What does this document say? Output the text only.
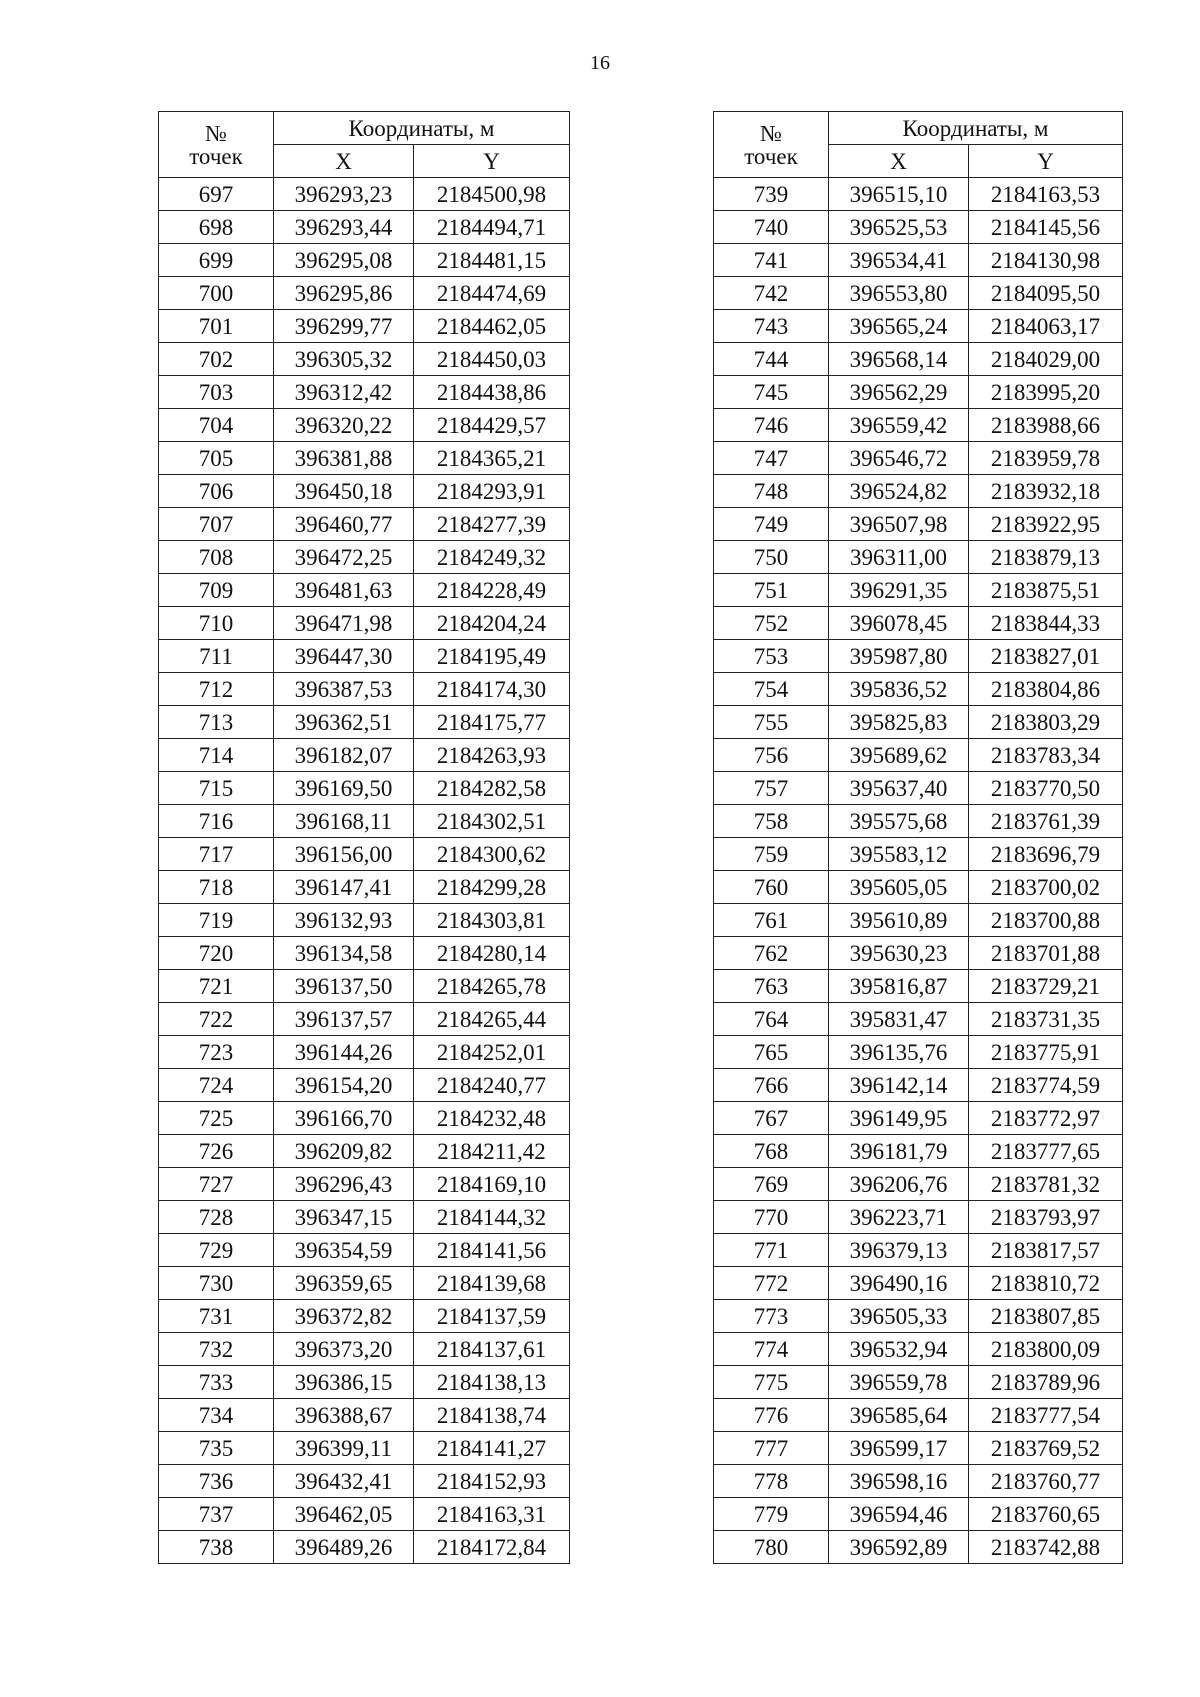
16
№
точек	Координаты, м	
	X	Y
697	396293,23	2184500,98
698	396293,44	2184494,71
699	396295,08	2184481,15
700	396295,86	2184474,69
701	396299,77	2184462,05
702	396305,32	2184450,03
703	396312,42	2184438,86
704	396320,22	2184429,57
705	396381,88	2184365,21
706	396450,18	2184293,91
707	396460,77	2184277,39
708	396472,25	2184249,32
709	396481,63	2184228,49
710	396471,98	2184204,24
711	396447,30	2184195,49
712	396387,53	2184174,30
713	396362,51	2184175,77
714	396182,07	2184263,93
715	396169,50	2184282,58
716	396168,11	2184302,51
717	396156,00	2184300,62
718	396147,41	2184299,28
719	396132,93	2184303,81
720	396134,58	2184280,14
721	396137,50	2184265,78
722	396137,57	2184265,44
723	396144,26	2184252,01
724	396154,20	2184240,77
725	396166,70	2184232,48
726	396209,82	2184211,42
727	396296,43	2184169,10
728	396347,15	2184144,32
729	396354,59	2184141,56
730	396359,65	2184139,68
731	396372,82	2184137,59
732	396373,20	2184137,61
733	396386,15	2184138,13
734	396388,67	2184138,74
735	396399,11	2184141,27
736	396432,41	2184152,93
737	396462,05	2184163,31
738	396489,26	2184172,84
№
точек	Координаты, м	
	X	Y
739	396515,10	2184163,53
740	396525,53	2184145,56
741	396534,41	2184130,98
742	396553,80	2184095,50
743	396565,24	2184063,17
744	396568,14	2184029,00
745	396562,29	2183995,20
746	396559,42	2183988,66
747	396546,72	2183959,78
748	396524,82	2183932,18
749	396507,98	2183922,95
750	396311,00	2183879,13
751	396291,35	2183875,51
752	396078,45	2183844,33
753	395987,80	2183827,01
754	395836,52	2183804,86
755	395825,83	2183803,29
756	395689,62	2183783,34
757	395637,40	2183770,50
758	395575,68	2183761,39
759	395583,12	2183696,79
760	395605,05	2183700,02
761	395610,89	2183700,88
762	395630,23	2183701,88
763	395816,87	2183729,21
764	395831,47	2183731,35
765	396135,76	2183775,91
766	396142,14	2183774,59
767	396149,95	2183772,97
768	396181,79	2183777,65
769	396206,76	2183781,32
770	396223,71	2183793,97
771	396379,13	2183817,57
772	396490,16	2183810,72
773	396505,33	2183807,85
774	396532,94	2183800,09
775	396559,78	2183789,96
776	396585,64	2183777,54
777	396599,17	2183769,52
778	396598,16	2183760,77
779	396594,46	2183760,65
780	396592,89	2183742,88
